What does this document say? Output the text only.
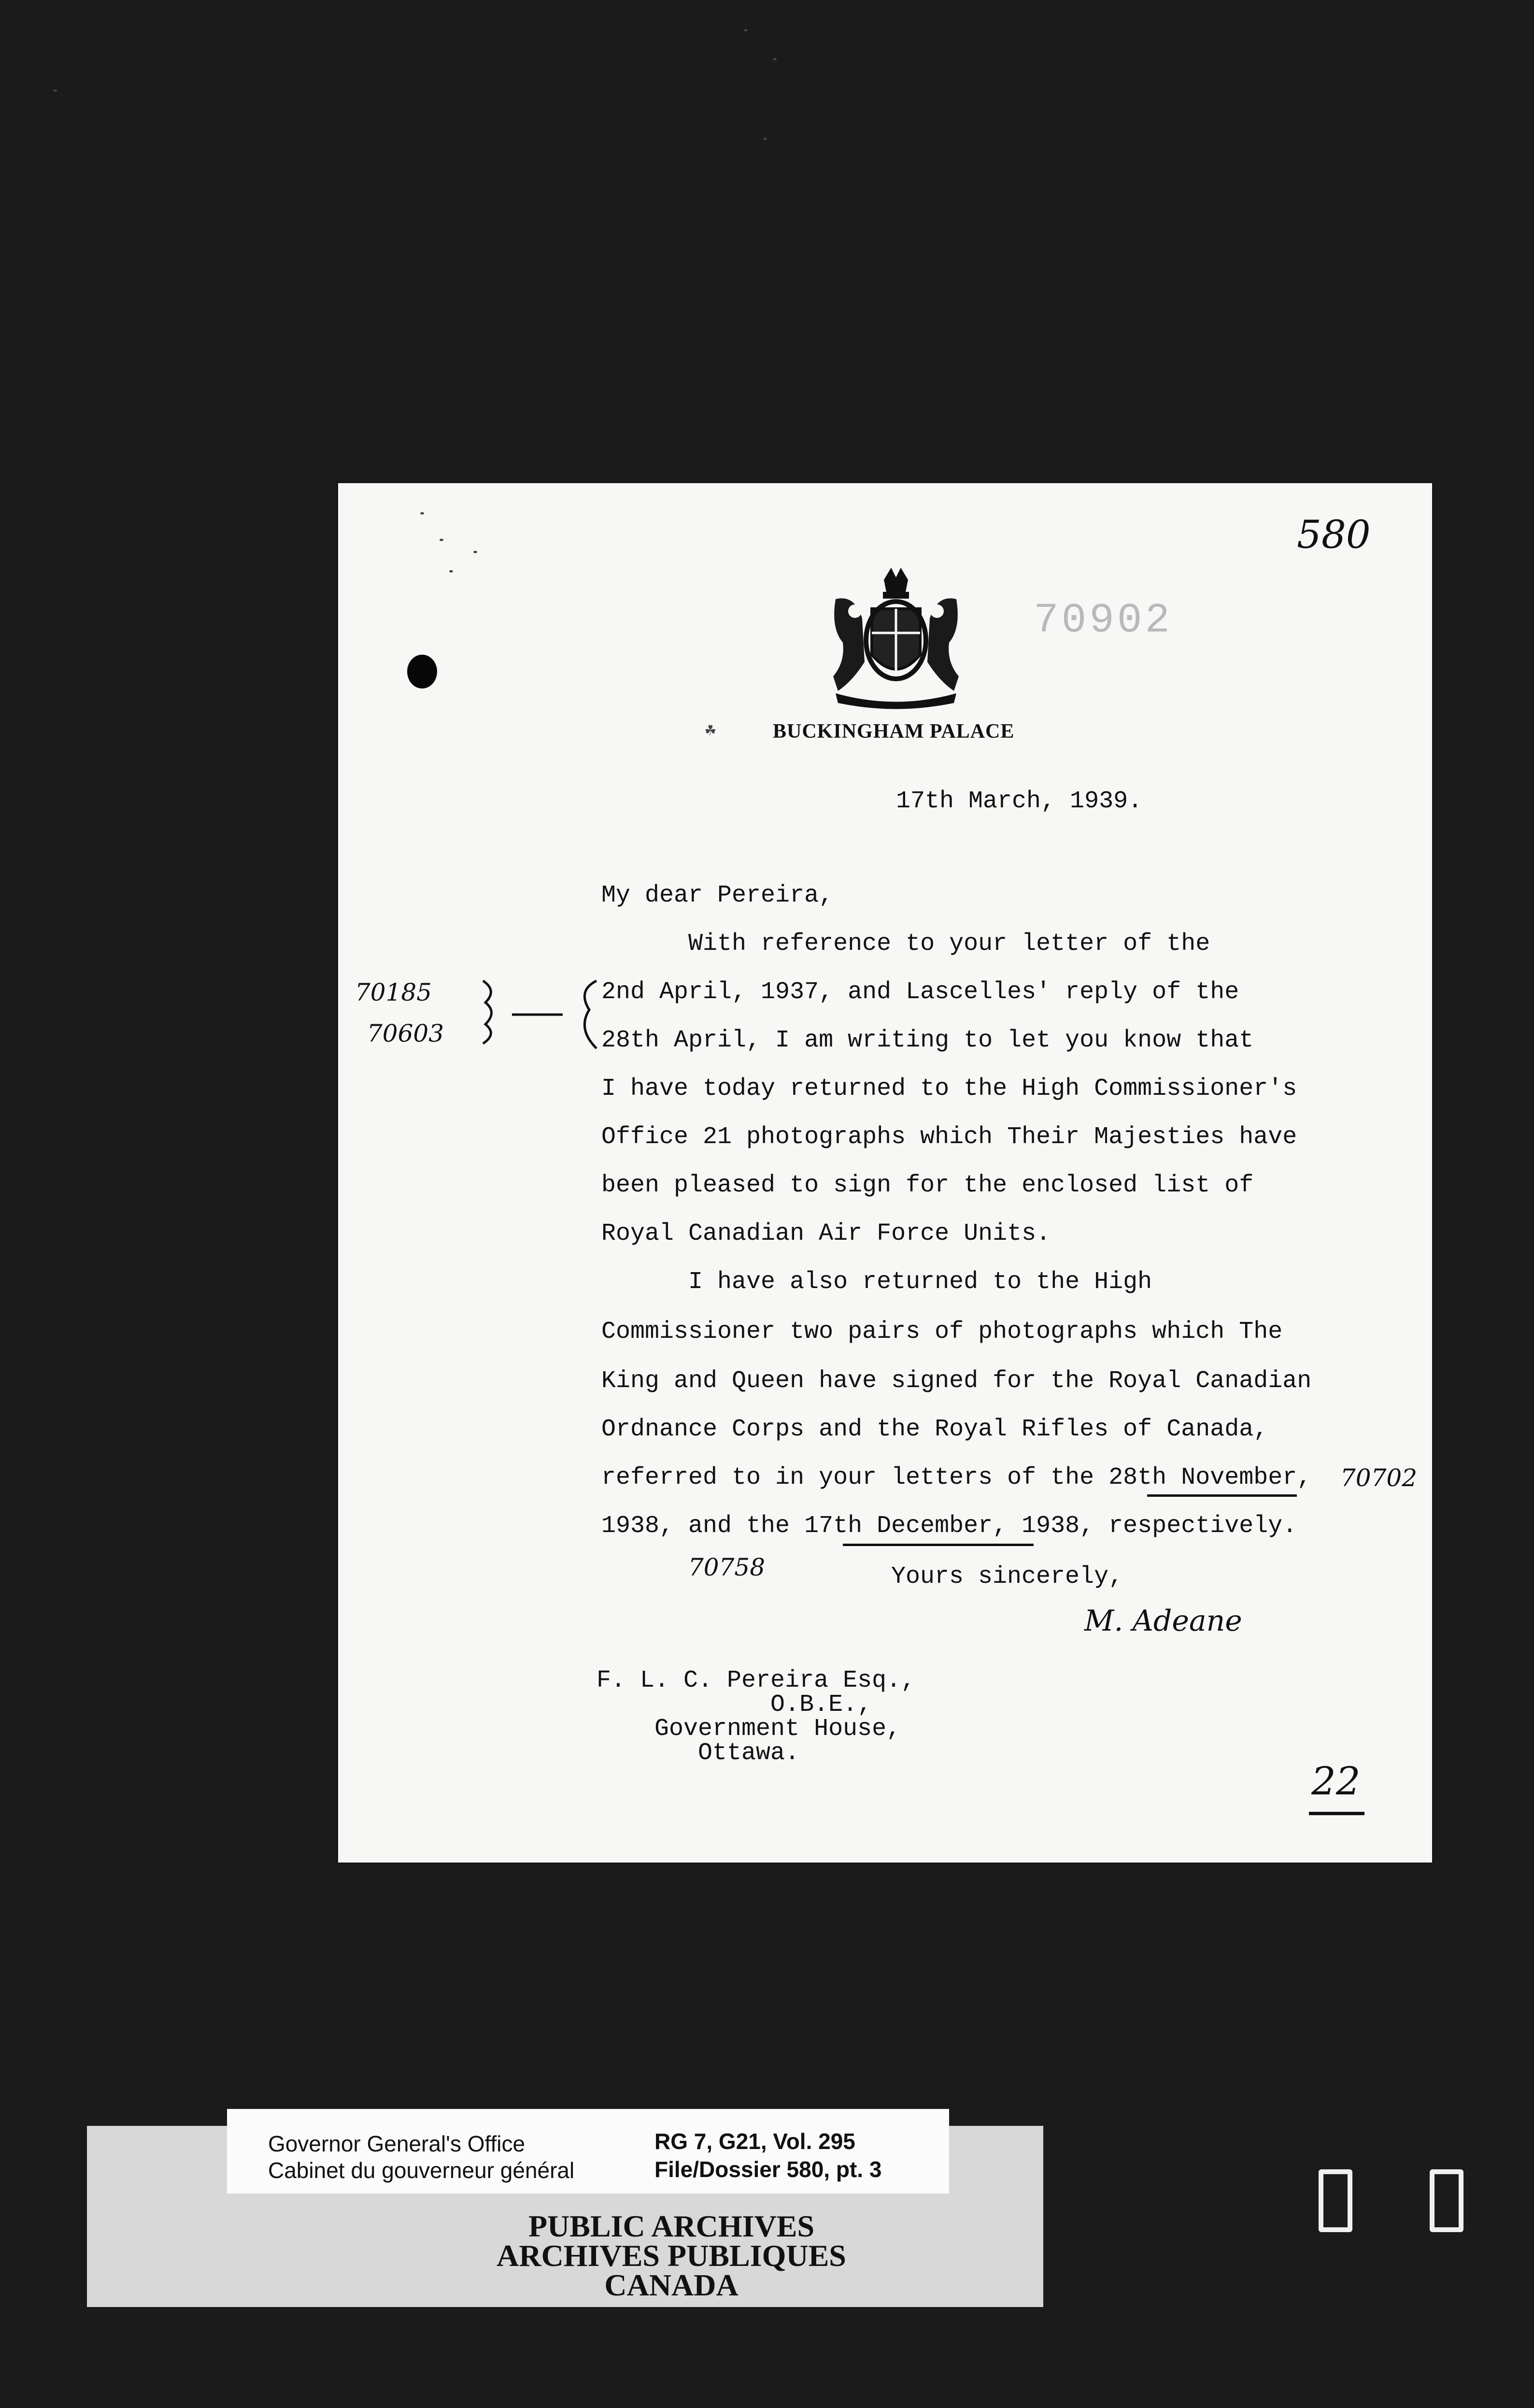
580
70902
☘	BUCKINGHAM PALACE
17th March, 1939.
My dear Pereira,
With reference to your letter of the
2nd April, 1937, and Lascelles' reply of the
28th April, I am writing to let you know that
I have today returned to the High Commissioner's
Office 21 photographs which Their Majesties have
been pleased to sign for the enclosed list of
Royal Canadian Air Force Units.
I have also returned to the High
Commissioner two pairs of photographs which The
King and Queen have signed for the Royal Canadian
Ordnance Corps and the Royal Rifles of Canada,
referred to in your letters of the 28th November,
1938, and the 17th December, 1938, respectively.
Yours sincerely,
M. Adeane
F. L. C. Pereira Esq.,
O.B.E.,
Government House,
Ottawa.
70185
70603
70702
70758
22
PUBLIC ARCHIVES
ARCHIVES PUBLIQUES
CANADA
Governor General's Office
Cabinet du gouverneur général
RG 7, G21, Vol. 295
File/Dossier 580, pt. 3
